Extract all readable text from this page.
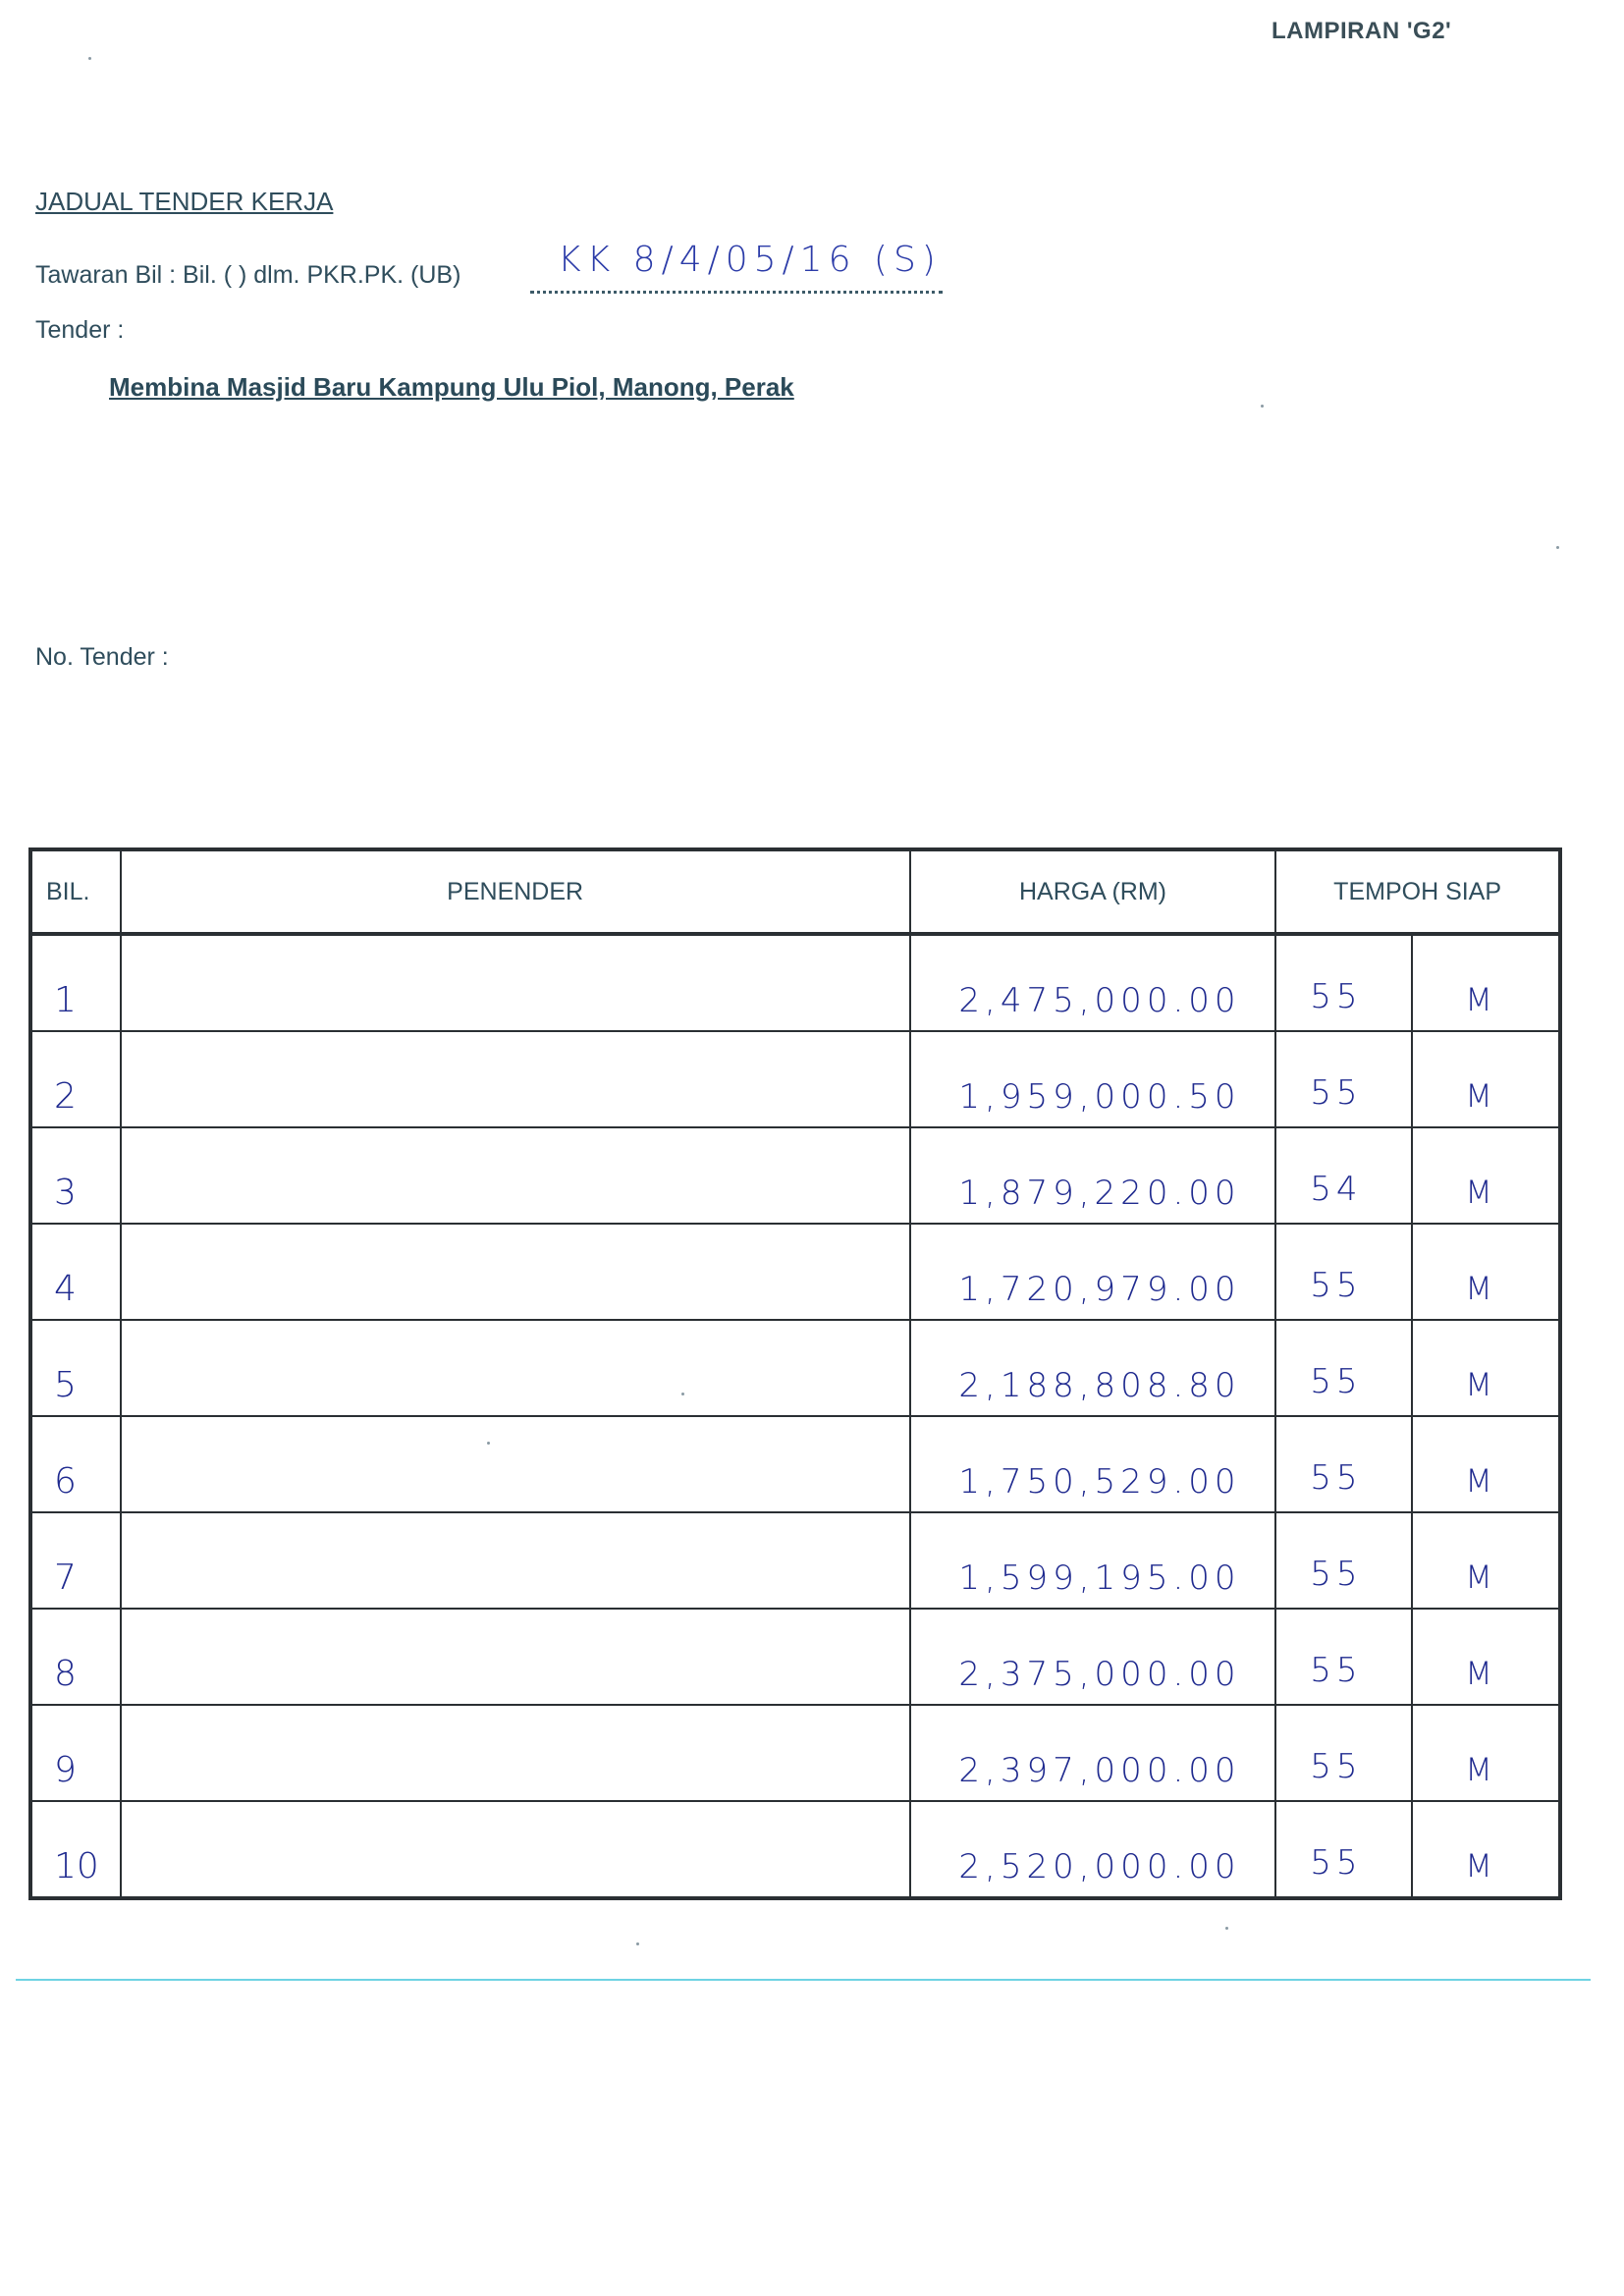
LAMPIRAN 'G2'
JADUAL TENDER KERJA
Tawaran Bil : Bil. ( ) dlm. PKR.PK. (UB)	KK 8/4/05/16 (S)
Tender :
Membina Masjid Baru Kampung Ulu Piol, Manong, Perak
No. Tender :
BIL.	PENENDER	HARGA (RM)	TEMPOH SIAP	

1		2,475,000.00	55	M

2		1,959,000.50	55	M

3		1,879,220.00	54	M

4		1,720,979.00	55	M

5		2,188,808.80	55	M

6		1,750,529.00	55	M

7		1,599,195.00	55	M

8		2,375,000.00	55	M

9		2,397,000.00	55	M

10		2,520,000.00	55	M
